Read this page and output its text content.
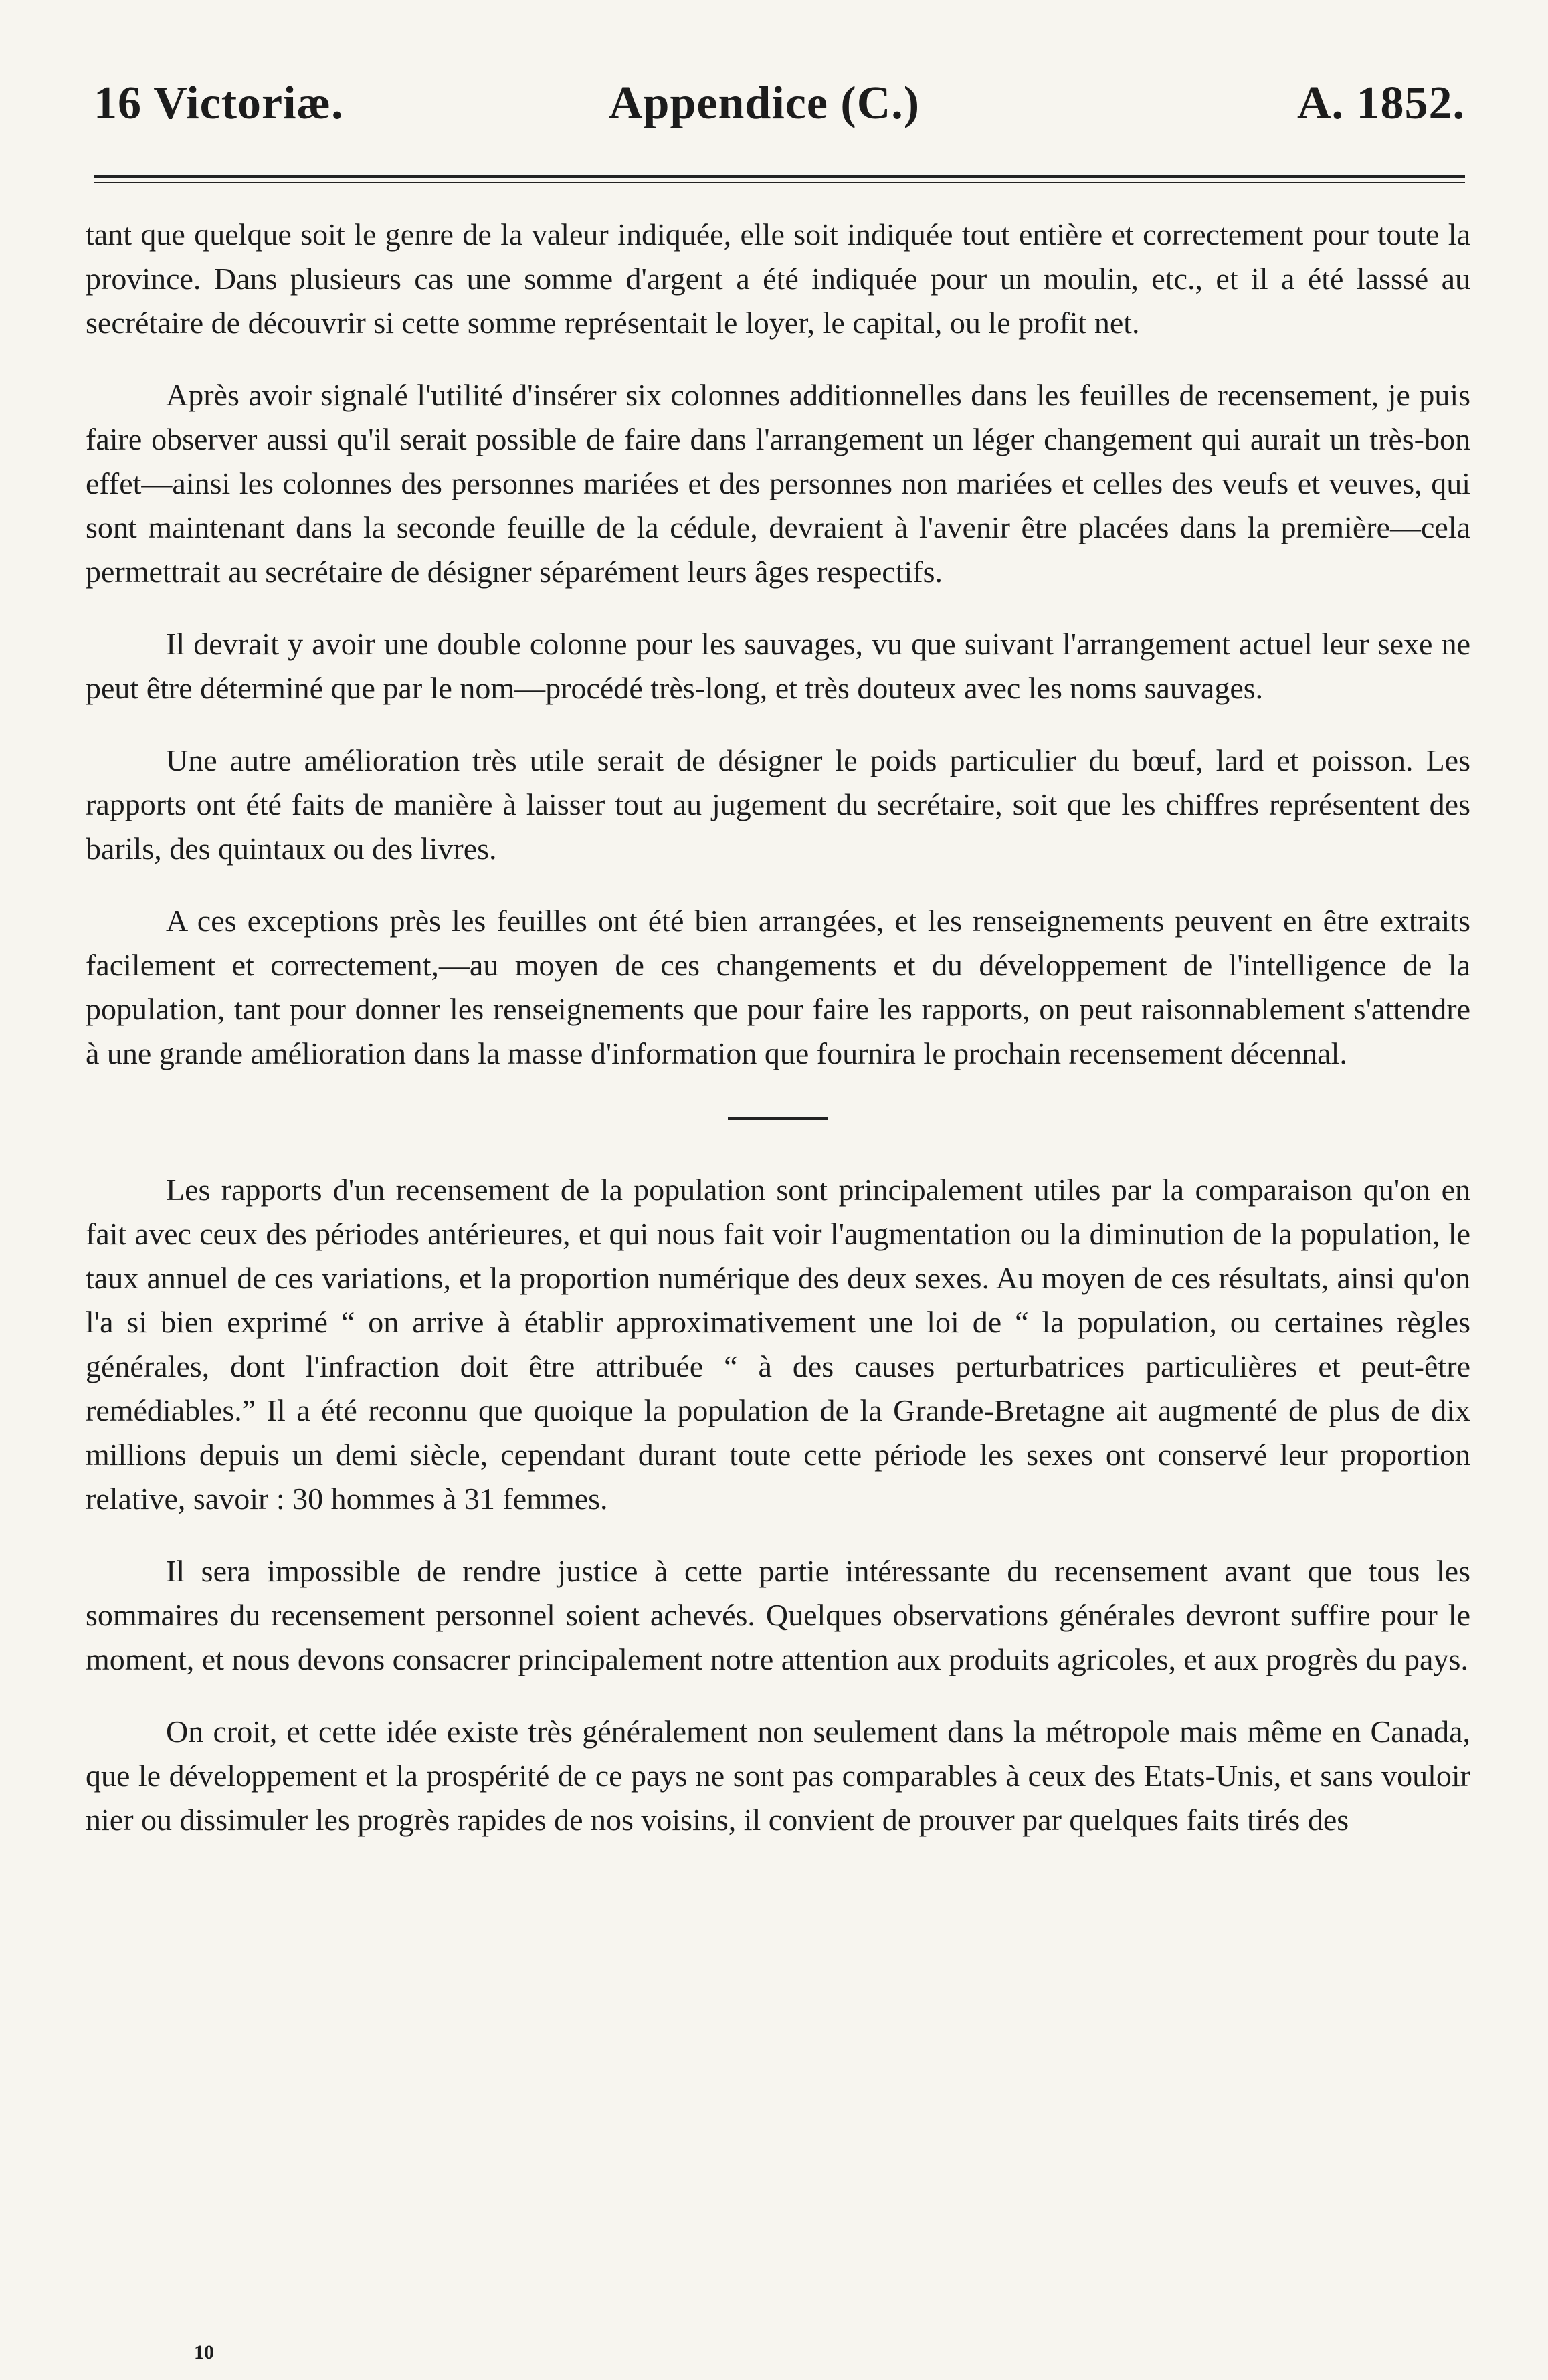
16 Victoriæ.	Appendice (C.)	A. 1852.

tant que quelque soit le genre de la valeur indiquée, elle soit indiquée tout entière et correctement pour toute la province. Dans plusieurs cas une somme d'argent a été indiquée pour un moulin, etc., et il a été lasssé au secrétaire de découvrir si cette somme représentait le loyer, le capital, ou le profit net.

Après avoir signalé l'utilité d'insérer six colonnes additionnelles dans les feuilles de recensement, je puis faire observer aussi qu'il serait possible de faire dans l'arrangement un léger changement qui aurait un très-bon effet—ainsi les colonnes des personnes mariées et des personnes non mariées et celles des veufs et veuves, qui sont maintenant dans la seconde feuille de la cédule, devraient à l'avenir être placées dans la première—cela permettrait au secrétaire de désigner séparément leurs âges respectifs.

Il devrait y avoir une double colonne pour les sauvages, vu que suivant l'arrangement actuel leur sexe ne peut être déterminé que par le nom—procédé très-long, et très douteux avec les noms sauvages.

Une autre amélioration très utile serait de désigner le poids particulier du bœuf, lard et poisson. Les rapports ont été faits de manière à laisser tout au jugement du secrétaire, soit que les chiffres représentent des barils, des quintaux ou des livres.

A ces exceptions près les feuilles ont été bien arrangées, et les renseignements peuvent en être extraits facilement et correctement,—au moyen de ces changements et du développement de l'intelligence de la population, tant pour donner les renseignements que pour faire les rapports, on peut raisonnablement s'attendre à une grande amélioration dans la masse d'information que fournira le prochain recensement décennal.

Les rapports d'un recensement de la population sont principalement utiles par la comparaison qu'on en fait avec ceux des périodes antérieures, et qui nous fait voir l'augmentation ou la diminution de la population, le taux annuel de ces variations, et la proportion numérique des deux sexes. Au moyen de ces résultats, ainsi qu'on l'a si bien exprimé “ on arrive à établir approximativement une loi de “ la population, ou certaines règles générales, dont l'infraction doit être attribuée “ à des causes perturbatrices particulières et peut-être remédiables.” Il a été reconnu que quoique la population de la Grande-Bretagne ait augmenté de plus de dix millions depuis un demi siècle, cependant durant toute cette période les sexes ont conservé leur proportion relative, savoir : 30 hommes à 31 femmes.

Il sera impossible de rendre justice à cette partie intéressante du recensement avant que tous les sommaires du recensement personnel soient achevés. Quelques observations générales devront suffire pour le moment, et nous devons consacrer principalement notre attention aux produits agricoles, et aux progrès du pays.

On croit, et cette idée existe très généralement non seulement dans la métropole mais même en Canada, que le développement et la prospérité de ce pays ne sont pas comparables à ceux des Etats-Unis, et sans vouloir nier ou dissimuler les progrès rapides de nos voisins, il convient de prouver par quelques faits tirés des

10
